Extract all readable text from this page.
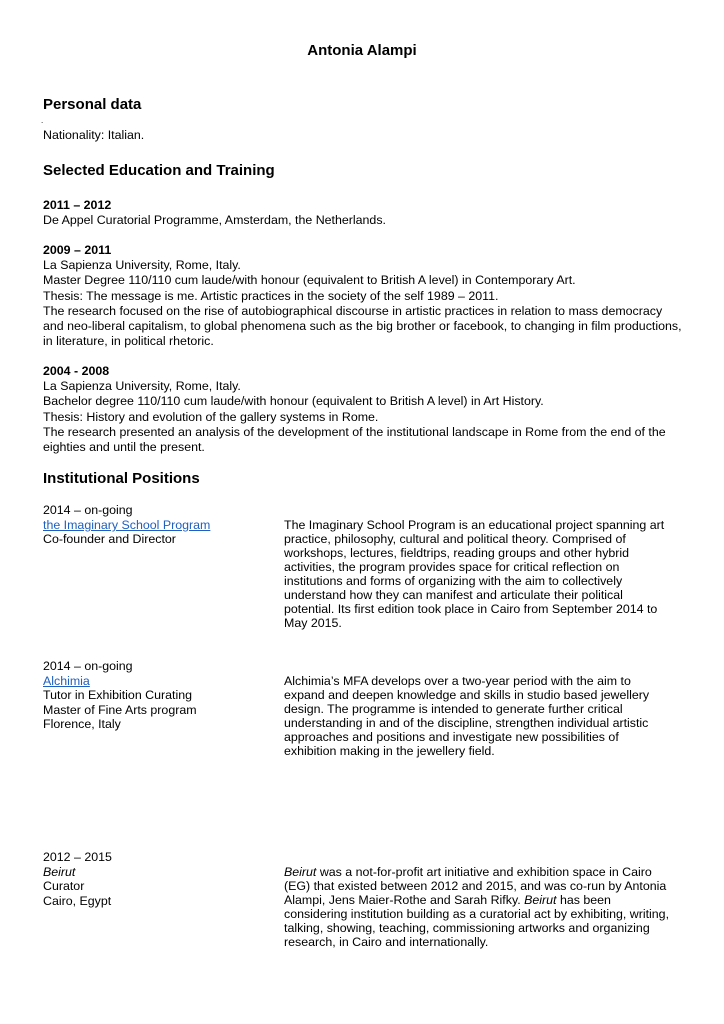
Antonia Alampi
Personal data
.
Nationality: Italian.
Selected Education and Training
2011 – 2012
De Appel Curatorial Programme, Amsterdam, the Netherlands.
2009 – 2011
La Sapienza University, Rome, Italy.
Master Degree 110/110 cum laude/with honour (equivalent to British A level) in Contemporary Art.
Thesis: The message is me. Artistic practices in the society of the self 1989 – 2011.
The research focused on the rise of autobiographical discourse in artistic practices in relation to mass democracy and neo-liberal capitalism, to global phenomena such as the big brother or facebook, to changing in film productions, in literature, in political rhetoric.
2004 - 2008
La Sapienza University, Rome, Italy.
Bachelor degree 110/110 cum laude/with honour (equivalent to British A level) in Art History.
Thesis: History and evolution of the gallery systems in Rome.
The research presented an analysis of the development of the institutional landscape in Rome from the end of the eighties and until the present.
Institutional Positions
2014 – on-going
the Imaginary School Program
Co-founder and Director
The Imaginary School Program is an educational project spanning art practice, philosophy, cultural and political theory. Comprised of workshops, lectures, fieldtrips, reading groups and other hybrid activities, the program provides space for critical reflection on institutions and forms of organizing with the aim to collectively understand how they can manifest and articulate their political potential. Its first edition took place in Cairo from September 2014 to May 2015.
2014 – on-going
Alchimia
Tutor in Exhibition Curating
Master of Fine Arts program
Florence, Italy
Alchimia’s MFA develops over a two-year period with the aim to expand and deepen knowledge and skills in studio based jewellery design. The programme is intended to generate further critical understanding in and of the discipline, strengthen individual artistic approaches and positions and investigate new possibilities of exhibition making in the jewellery field.
2012 – 2015
Beirut
Curator
Cairo, Egypt
Beirut was a not-for-profit art initiative and exhibition space in Cairo (EG) that existed between 2012 and 2015, and was co-run by Antonia Alampi, Jens Maier-Rothe and Sarah Rifky. Beirut has been considering institution building as a curatorial act by exhibiting, writing, talking, showing, teaching, commissioning artworks and organizing research, in Cairo and internationally.
